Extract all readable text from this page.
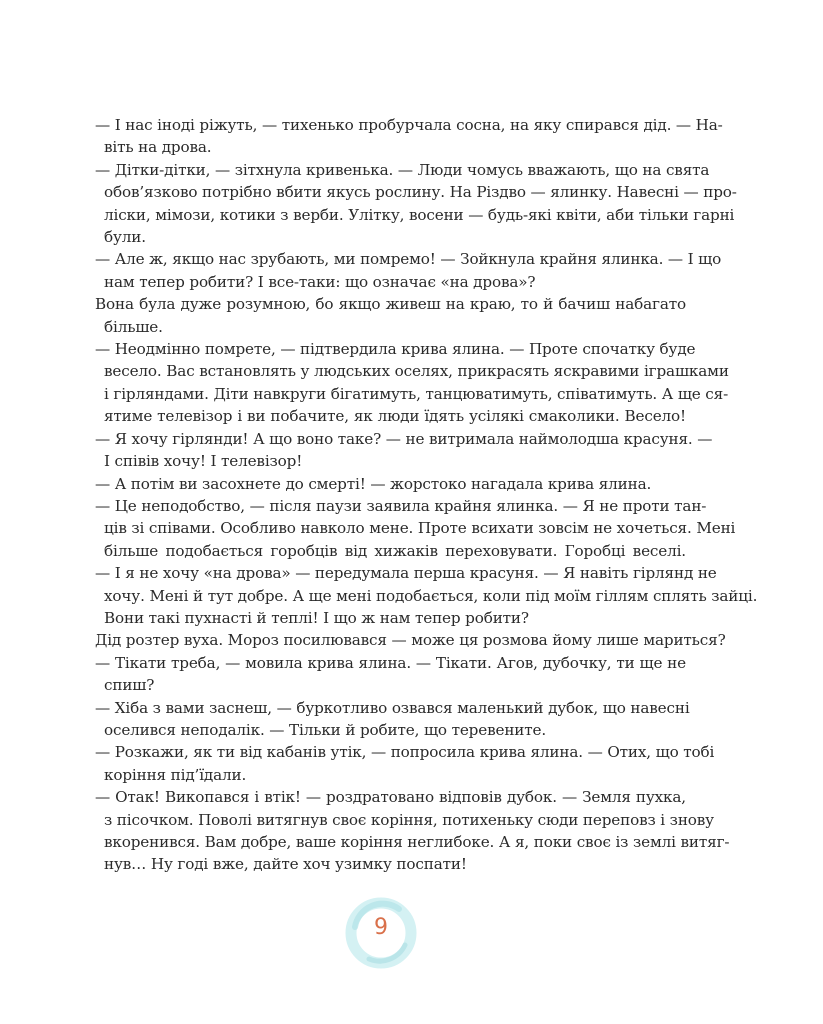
— І нас іноді ріжуть, — тихенько пробурчала сосна, на яку спирався дід. — На-
віть на дрова.
— Дітки-дітки, — зітхнула кривенька. — Люди чомусь вважають, що на свята
обов’язково потрібно вбити якусь рослину. На Різдво — ялинку. Навесні — про-
ліски, мімози, котики з верби. Улітку, восени — будь-які квіти, аби тільки гарні
були.
— Але ж, якщо нас зрубають, ми помремо! — Зойкнула крайня ялинка. — І що
нам тепер робити? І все-таки: що означає «на дрова»?
Вона була дуже розумною, бо якщо живеш на краю, то й бачиш набагато
більше.
— Неодмінно помрете, — підтвердила крива ялина. — Проте спочатку буде
весело. Вас встановлять у людських оселях, прикрасять яскравими іграшками
і гірляндами. Діти навкруги бігатимуть, танцюватимуть, співатимуть. А ще ся-
ятиме телевізор і ви побачите, як люди їдять усілякі смаколики. Весело!
— Я хочу гірлянди! А що воно таке? — не витримала наймолодша красуня. —
І співів хочу! І телевізор!
— А потім ви засохнете до смерті! — жорстоко нагадала крива ялина.
— Це неподобство, — після паузи заявила крайня ялинка. — Я не проти тан-
ців зі співами. Особливо навколо мене. Проте всихати зовсім не хочеться. Мені
більше подобається горобців від хижаків переховувати. Горобці веселі.
— І я не хочу «на дрова» — передумала перша красуня. — Я навіть гірлянд не
хочу. Мені й тут добре. А ще мені подобається, коли під моїм гіллям сплять зайці.
Вони такі пухнасті й теплі! І що ж нам тепер робити?
Дід розтер вуха. Мороз посилювався — може ця розмова йому лише мариться?
— Тікати треба, — мовила крива ялина. — Тікати. Агов, дубочку, ти ще не
спиш?
— Хіба з вами заснеш, — буркотливо озвався маленький дубок, що навесні
оселився неподалік. — Тільки й робите, що теревените.
— Розкажи, як ти від кабанів утік, — попросила крива ялина. — Отих, що тобі
коріння під’їдали.
— Отак! Викопався і втік! — роздратовано відповів дубок. — Земля пухка,
з пісочком. Поволі витягнув своє коріння, потихеньку сюди переповз і знову
вкоренився. Вам добре, ваше коріння неглибоке. А я, поки своє із землі витяг-
нув… Ну годі вже, дайте хоч узимку поспати!
9
